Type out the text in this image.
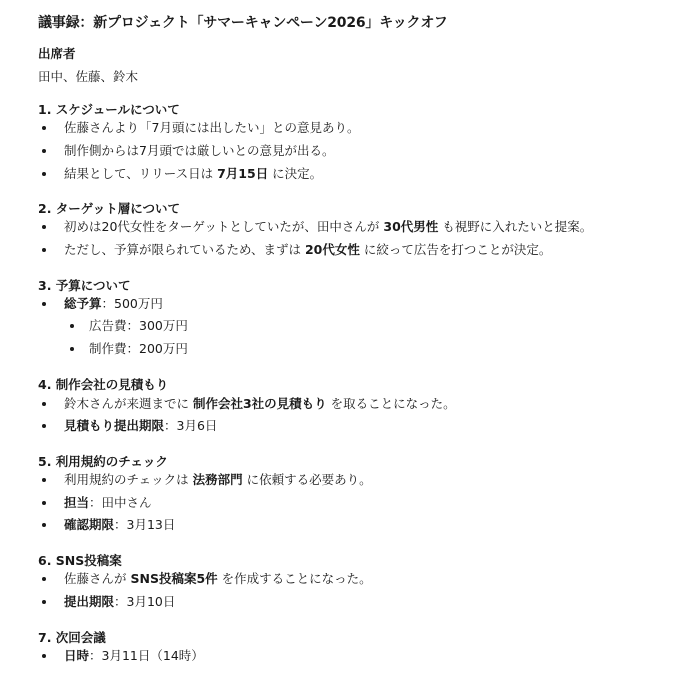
議事録：新プロジェクト「サマーキャンペーン2026」キックオフ
出席者
田中、佐藤、鈴木
1. スケジュールについて
佐藤さんより「7月頭には出したい」との意見あり。
制作側からは7月頭では厳しいとの意見が出る。
結果として、リリース日は 7月15日 に決定。
2. ターゲット層について
初めは20代女性をターゲットとしていたが、田中さんが 30代男性 も視野に入れたいと提案。
ただし、予算が限られているため、まずは 20代女性 に絞って広告を打つことが決定。
3. 予算について
総予算：500万円
広告費：300万円
制作費：200万円
4. 制作会社の見積もり
鈴木さんが来週までに 制作会社3社の見積もり を取ることになった。
見積もり提出期限：3月6日
5. 利用規約のチェック
利用規約のチェックは 法務部門 に依頼する必要あり。
担当：田中さん
確認期限：3月13日
6. SNS投稿案
佐藤さんが SNS投稿案5件 を作成することになった。
提出期限：3月10日
7. 次回会議
日時：3月11日（14時）
